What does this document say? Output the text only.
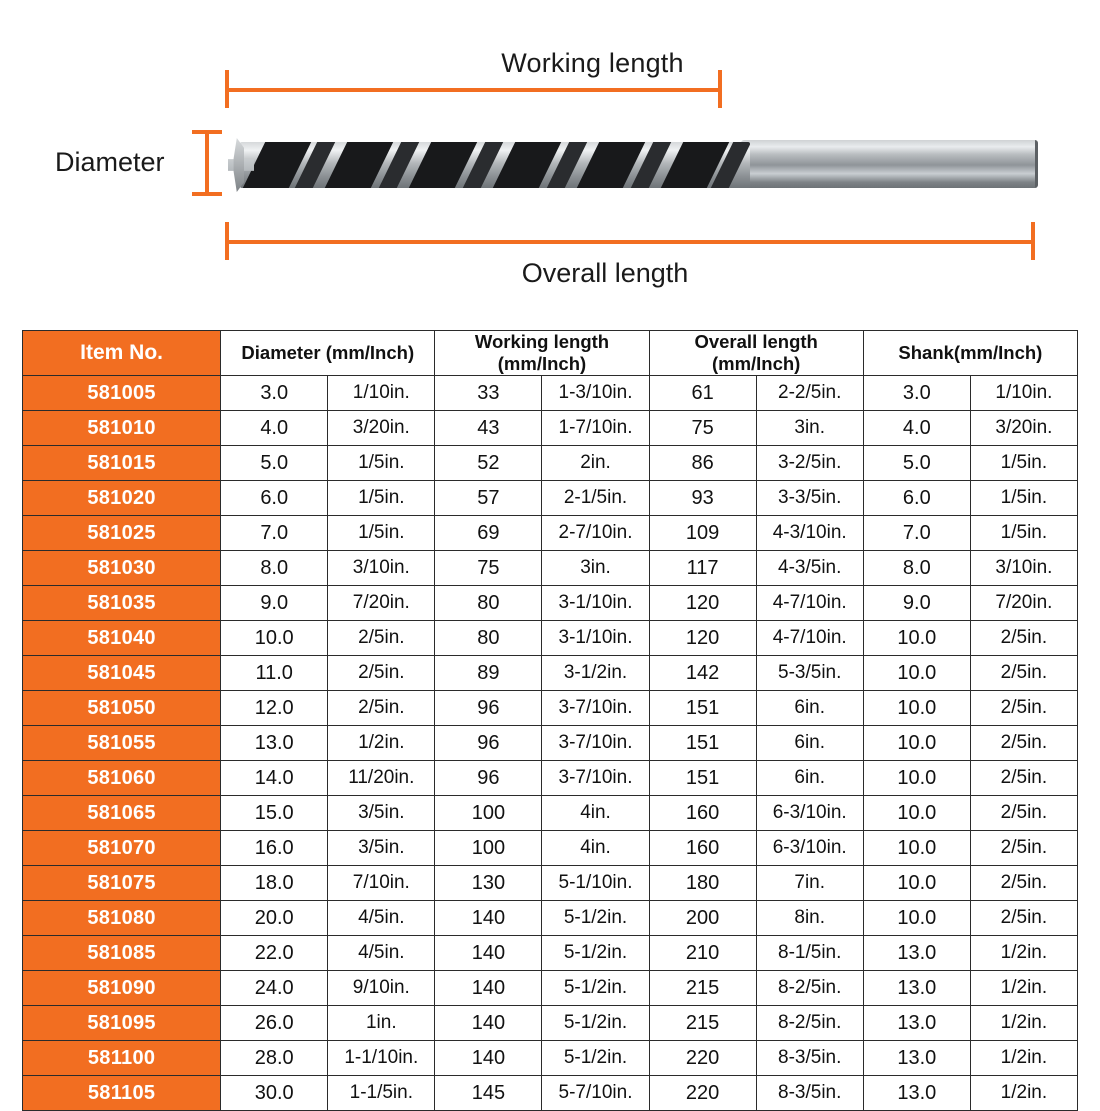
Working length
Diameter
Overall length
Item No.	Diameter (mm/Inch)		Working length (mm/Inch)		Overall length (mm/Inch)		Shank(mm/Inch)	
581005	3.0	1/10in.	33	1-3/10in.	61	2-2/5in.	3.0	1/10in.
581010	4.0	3/20in.	43	1-7/10in.	75	3in.	4.0	3/20in.
581015	5.0	1/5in.	52	2in.	86	3-2/5in.	5.0	1/5in.
581020	6.0	1/5in.	57	2-1/5in.	93	3-3/5in.	6.0	1/5in.
581025	7.0	1/5in.	69	2-7/10in.	109	4-3/10in.	7.0	1/5in.
581030	8.0	3/10in.	75	3in.	117	4-3/5in.	8.0	3/10in.
581035	9.0	7/20in.	80	3-1/10in.	120	4-7/10in.	9.0	7/20in.
581040	10.0	2/5in.	80	3-1/10in.	120	4-7/10in.	10.0	2/5in.
581045	11.0	2/5in.	89	3-1/2in.	142	5-3/5in.	10.0	2/5in.
581050	12.0	2/5in.	96	3-7/10in.	151	6in.	10.0	2/5in.
581055	13.0	1/2in.	96	3-7/10in.	151	6in.	10.0	2/5in.
581060	14.0	11/20in.	96	3-7/10in.	151	6in.	10.0	2/5in.
581065	15.0	3/5in.	100	4in.	160	6-3/10in.	10.0	2/5in.
581070	16.0	3/5in.	100	4in.	160	6-3/10in.	10.0	2/5in.
581075	18.0	7/10in.	130	5-1/10in.	180	7in.	10.0	2/5in.
581080	20.0	4/5in.	140	5-1/2in.	200	8in.	10.0	2/5in.
581085	22.0	4/5in.	140	5-1/2in.	210	8-1/5in.	13.0	1/2in.
581090	24.0	9/10in.	140	5-1/2in.	215	8-2/5in.	13.0	1/2in.
581095	26.0	1in.	140	5-1/2in.	215	8-2/5in.	13.0	1/2in.
581100	28.0	1-1/10in.	140	5-1/2in.	220	8-3/5in.	13.0	1/2in.
581105	30.0	1-1/5in.	145	5-7/10in.	220	8-3/5in.	13.0	1/2in.
